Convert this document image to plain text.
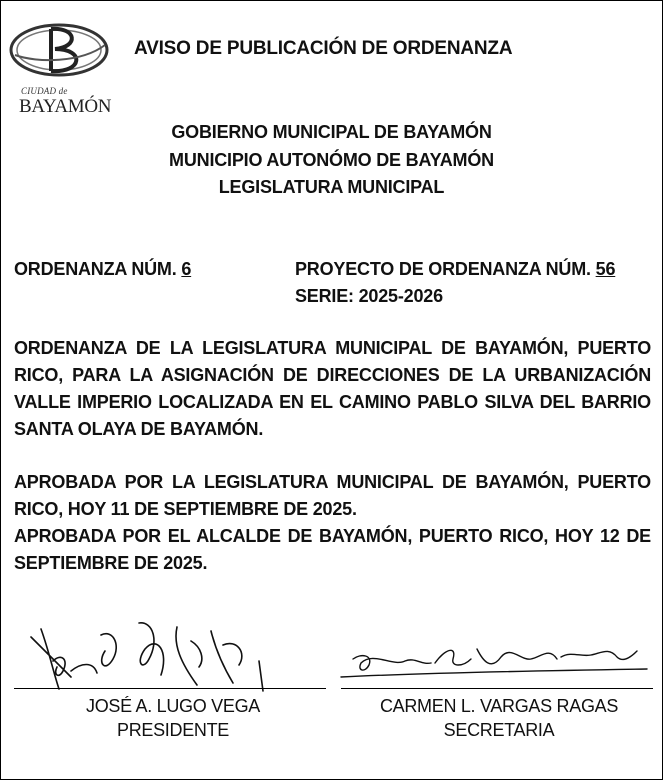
CIUDAD de
BAYAMÓN
AVISO DE PUBLICACIÓN DE ORDENANZA
GOBIERNO MUNICIPAL DE BAYAMÓN
MUNICIPIO AUTONÓMO DE BAYAMÓN
LEGISLATURA MUNICIPAL
ORDENANZA NÚM. 6	PROYECTO DE ORDENANZA NÚM. 56
SERIE: 2025-2026
ORDENANZA DE LA LEGISLATURA MUNICIPAL DE BAYAMÓN, PUERTO RICO, PARA LA ASIGNACIÓN DE DIRECCIONES DE LA URBANIZACIÓN VALLE IMPERIO LOCALIZADA EN EL CAMINO PABLO SILVA DEL BARRIO SANTA OLAYA DE BAYAMÓN.
APROBADA POR LA LEGISLATURA MUNICIPAL DE BAYAMÓN, PUERTO RICO, HOY 11 DE SEPTIEMBRE DE 2025.
APROBADA POR EL ALCALDE DE BAYAMÓN, PUERTO RICO, HOY 12 DE SEPTIEMBRE DE 2025.
JOSÉ A. LUGO VEGA
PRESIDENTE
CARMEN L. VARGAS RAGAS
SECRETARIA
